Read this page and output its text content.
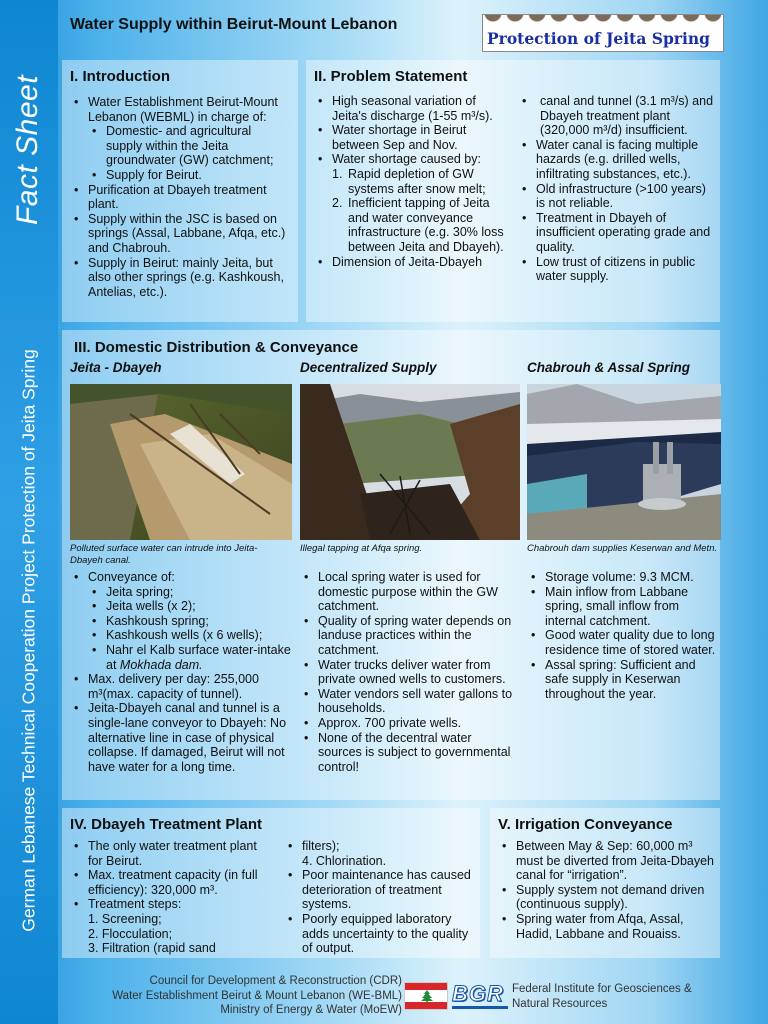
Fact Sheet
German Lebanese Technical Cooperation Project Protection of Jeita Spring
Water Supply within Beirut-Mount Lebanon
Protection of Jeita Spring
I. Introduction
• Water Establishment Beirut-Mount Lebanon (WEBML) in charge of:
• Domestic- and agricultural supply within the Jeita groundwater (GW) catchment;
• Supply for Beirut.
• Purification at Dbayeh treatment plant.
• Supply within the JSC is based on springs (Assal, Labbane, Afqa, etc.) and Chabrouh.
• Supply in Beirut: mainly Jeita, but also other springs (e.g. Kashkoush, Antelias, etc.).
II. Problem Statement
• High seasonal variation of Jeita's discharge (1-55 m³/s).
• Water shortage in Beirut between Sep and Nov.
• Water shortage caused by:
1. Rapid depletion of GW systems after snow melt;
2. Inefficient tapping of Jeita and water conveyance infrastructure (e.g. 30% loss between Jeita and Dbayeh).
• Dimension of Jeita-Dbayeh
• canal and tunnel (3.1 m³/s) and Dbayeh treatment plant (320,000 m³/d) insufficient.
• Water canal is facing multiple hazards (e.g. drilled wells, infiltrating substances, etc.).
• Old infrastructure (>100 years) is not reliable.
• Treatment in Dbayeh of insufficient operating grade and quality.
• Low trust of citizens in public water supply.
III. Domestic Distribution & Conveyance
Jeita - Dbayeh	Decentralized Supply	Chabrouh & Assal Spring
Polluted surface water can intrude into Jeita-Dbayeh canal.
Illegal tapping at Afqa spring.	Chabrouh dam supplies Keserwan and Metn.
• Conveyance of:
• Jeita spring;
• Jeita wells (x 2);
• Kashkoush spring;
• Kashkoush wells (x 6 wells);
• Nahr el Kalb surface water-intake at Mokhada dam.
• Max. delivery per day: 255,000 m³(max. capacity of tunnel).
• Jeita-Dbayeh canal and tunnel is a single-lane conveyor to Dbayeh: No alternative line in case of physical collapse. If damaged, Beirut will not have water for a long time.
• Local spring water is used for domestic purpose within the GW catchment.
• Quality of spring water depends on landuse practices within the catchment.
• Water trucks deliver water from private owned wells to customers.
• Water vendors sell water gallons to households.
• Approx. 700 private wells.
• None of the decentral water sources is subject to governmental control!
• Storage volume: 9.3 MCM.
• Main inflow from Labbane spring, small inflow from internal catchment.
• Good water quality due to long residence time of stored water.
• Assal spring: Sufficient and safe supply in Keserwan throughout the year.
IV. Dbayeh Treatment Plant
• The only water treatment plant for Beirut.
• Max. treatment capacity (in full efficiency): 320,000 m³.
• Treatment steps:
1. Screening;
2. Flocculation;
3. Filtration (rapid sand
• filters);
4. Chlorination.
• Poor maintenance has caused deterioration of treatment systems.
• Poorly equipped laboratory adds uncertainty to the quality of output.
V. Irrigation Conveyance
• Between May & Sep: 60,000 m³ must be diverted from Jeita-Dbayeh canal for “irrigation”.
• Supply system not demand driven (continuous supply).
• Spring water from Afqa, Assal, Hadid, Labbane and Rouaiss.
Council for Development & Reconstruction (CDR)
Water Establishment Beirut & Mount Lebanon (WE-BML)
Ministry of Energy & Water (MoEW)
BGR Federal Institute for Geosciences &
Natural Resources
